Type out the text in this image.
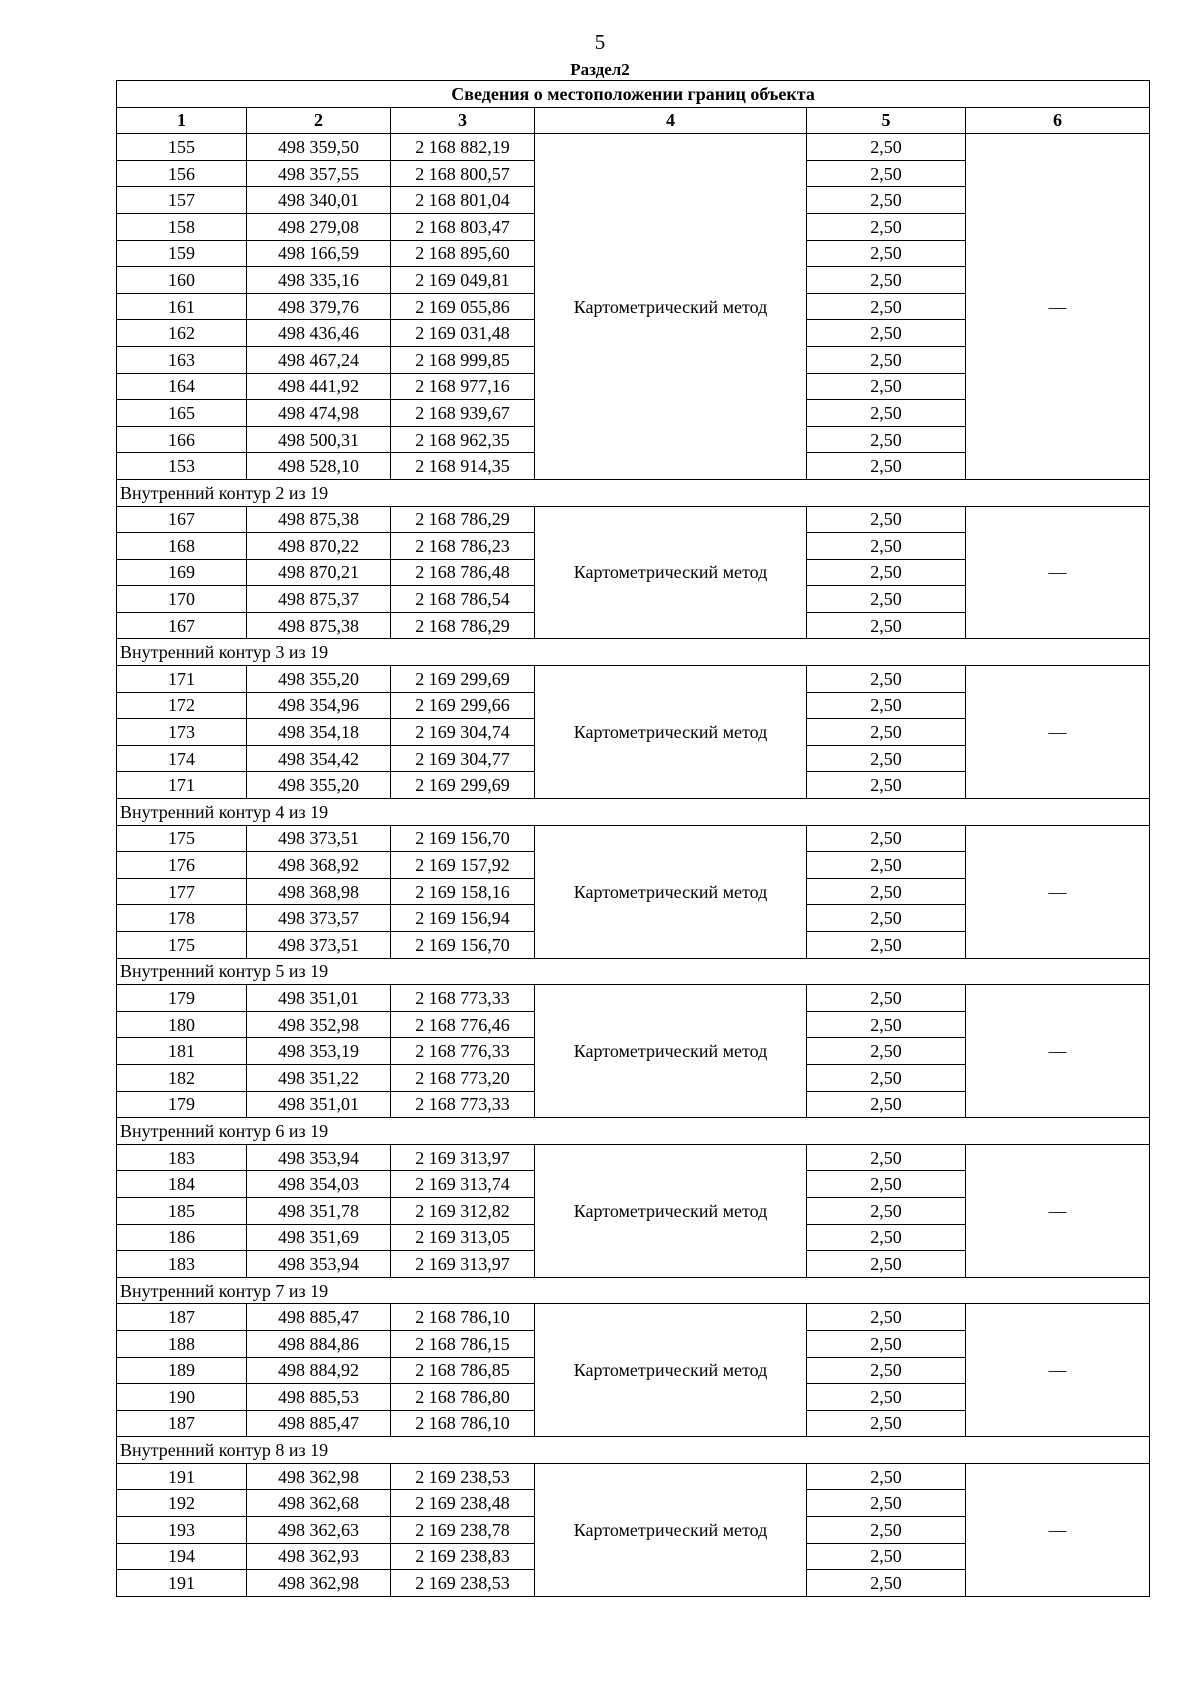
5
Раздел2
Сведения о местоположении границ объекта					
1	2	3	4	5	6
155	498 359,50	2 168 882,19	Картометрический метод	2,50	—
156	498 357,55	2 168 800,57		2,50	
157	498 340,01	2 168 801,04		2,50	
158	498 279,08	2 168 803,47		2,50	
159	498 166,59	2 168 895,60		2,50	
160	498 335,16	2 169 049,81		2,50	
161	498 379,76	2 169 055,86		2,50	
162	498 436,46	2 169 031,48		2,50	
163	498 467,24	2 168 999,85		2,50	
164	498 441,92	2 168 977,16		2,50	
165	498 474,98	2 168 939,67		2,50	
166	498 500,31	2 168 962,35		2,50	
153	498 528,10	2 168 914,35		2,50	
Внутренний контур 2 из 19					
167	498 875,38	2 168 786,29	Картометрический метод	2,50	—
168	498 870,22	2 168 786,23		2,50	
169	498 870,21	2 168 786,48		2,50	
170	498 875,37	2 168 786,54		2,50	
167	498 875,38	2 168 786,29		2,50	
Внутренний контур 3 из 19					
171	498 355,20	2 169 299,69	Картометрический метод	2,50	—
172	498 354,96	2 169 299,66		2,50	
173	498 354,18	2 169 304,74		2,50	
174	498 354,42	2 169 304,77		2,50	
171	498 355,20	2 169 299,69		2,50	
Внутренний контур 4 из 19					
175	498 373,51	2 169 156,70	Картометрический метод	2,50	—
176	498 368,92	2 169 157,92		2,50	
177	498 368,98	2 169 158,16		2,50	
178	498 373,57	2 169 156,94		2,50	
175	498 373,51	2 169 156,70		2,50	
Внутренний контур 5 из 19					
179	498 351,01	2 168 773,33	Картометрический метод	2,50	—
180	498 352,98	2 168 776,46		2,50	
181	498 353,19	2 168 776,33		2,50	
182	498 351,22	2 168 773,20		2,50	
179	498 351,01	2 168 773,33		2,50	
Внутренний контур 6 из 19					
183	498 353,94	2 169 313,97	Картометрический метод	2,50	—
184	498 354,03	2 169 313,74		2,50	
185	498 351,78	2 169 312,82		2,50	
186	498 351,69	2 169 313,05		2,50	
183	498 353,94	2 169 313,97		2,50	
Внутренний контур 7 из 19					
187	498 885,47	2 168 786,10	Картометрический метод	2,50	—
188	498 884,86	2 168 786,15		2,50	
189	498 884,92	2 168 786,85		2,50	
190	498 885,53	2 168 786,80		2,50	
187	498 885,47	2 168 786,10		2,50	
Внутренний контур 8 из 19					
191	498 362,98	2 169 238,53	Картометрический метод	2,50	—
192	498 362,68	2 169 238,48		2,50	
193	498 362,63	2 169 238,78		2,50	
194	498 362,93	2 169 238,83		2,50	
191	498 362,98	2 169 238,53		2,50	
